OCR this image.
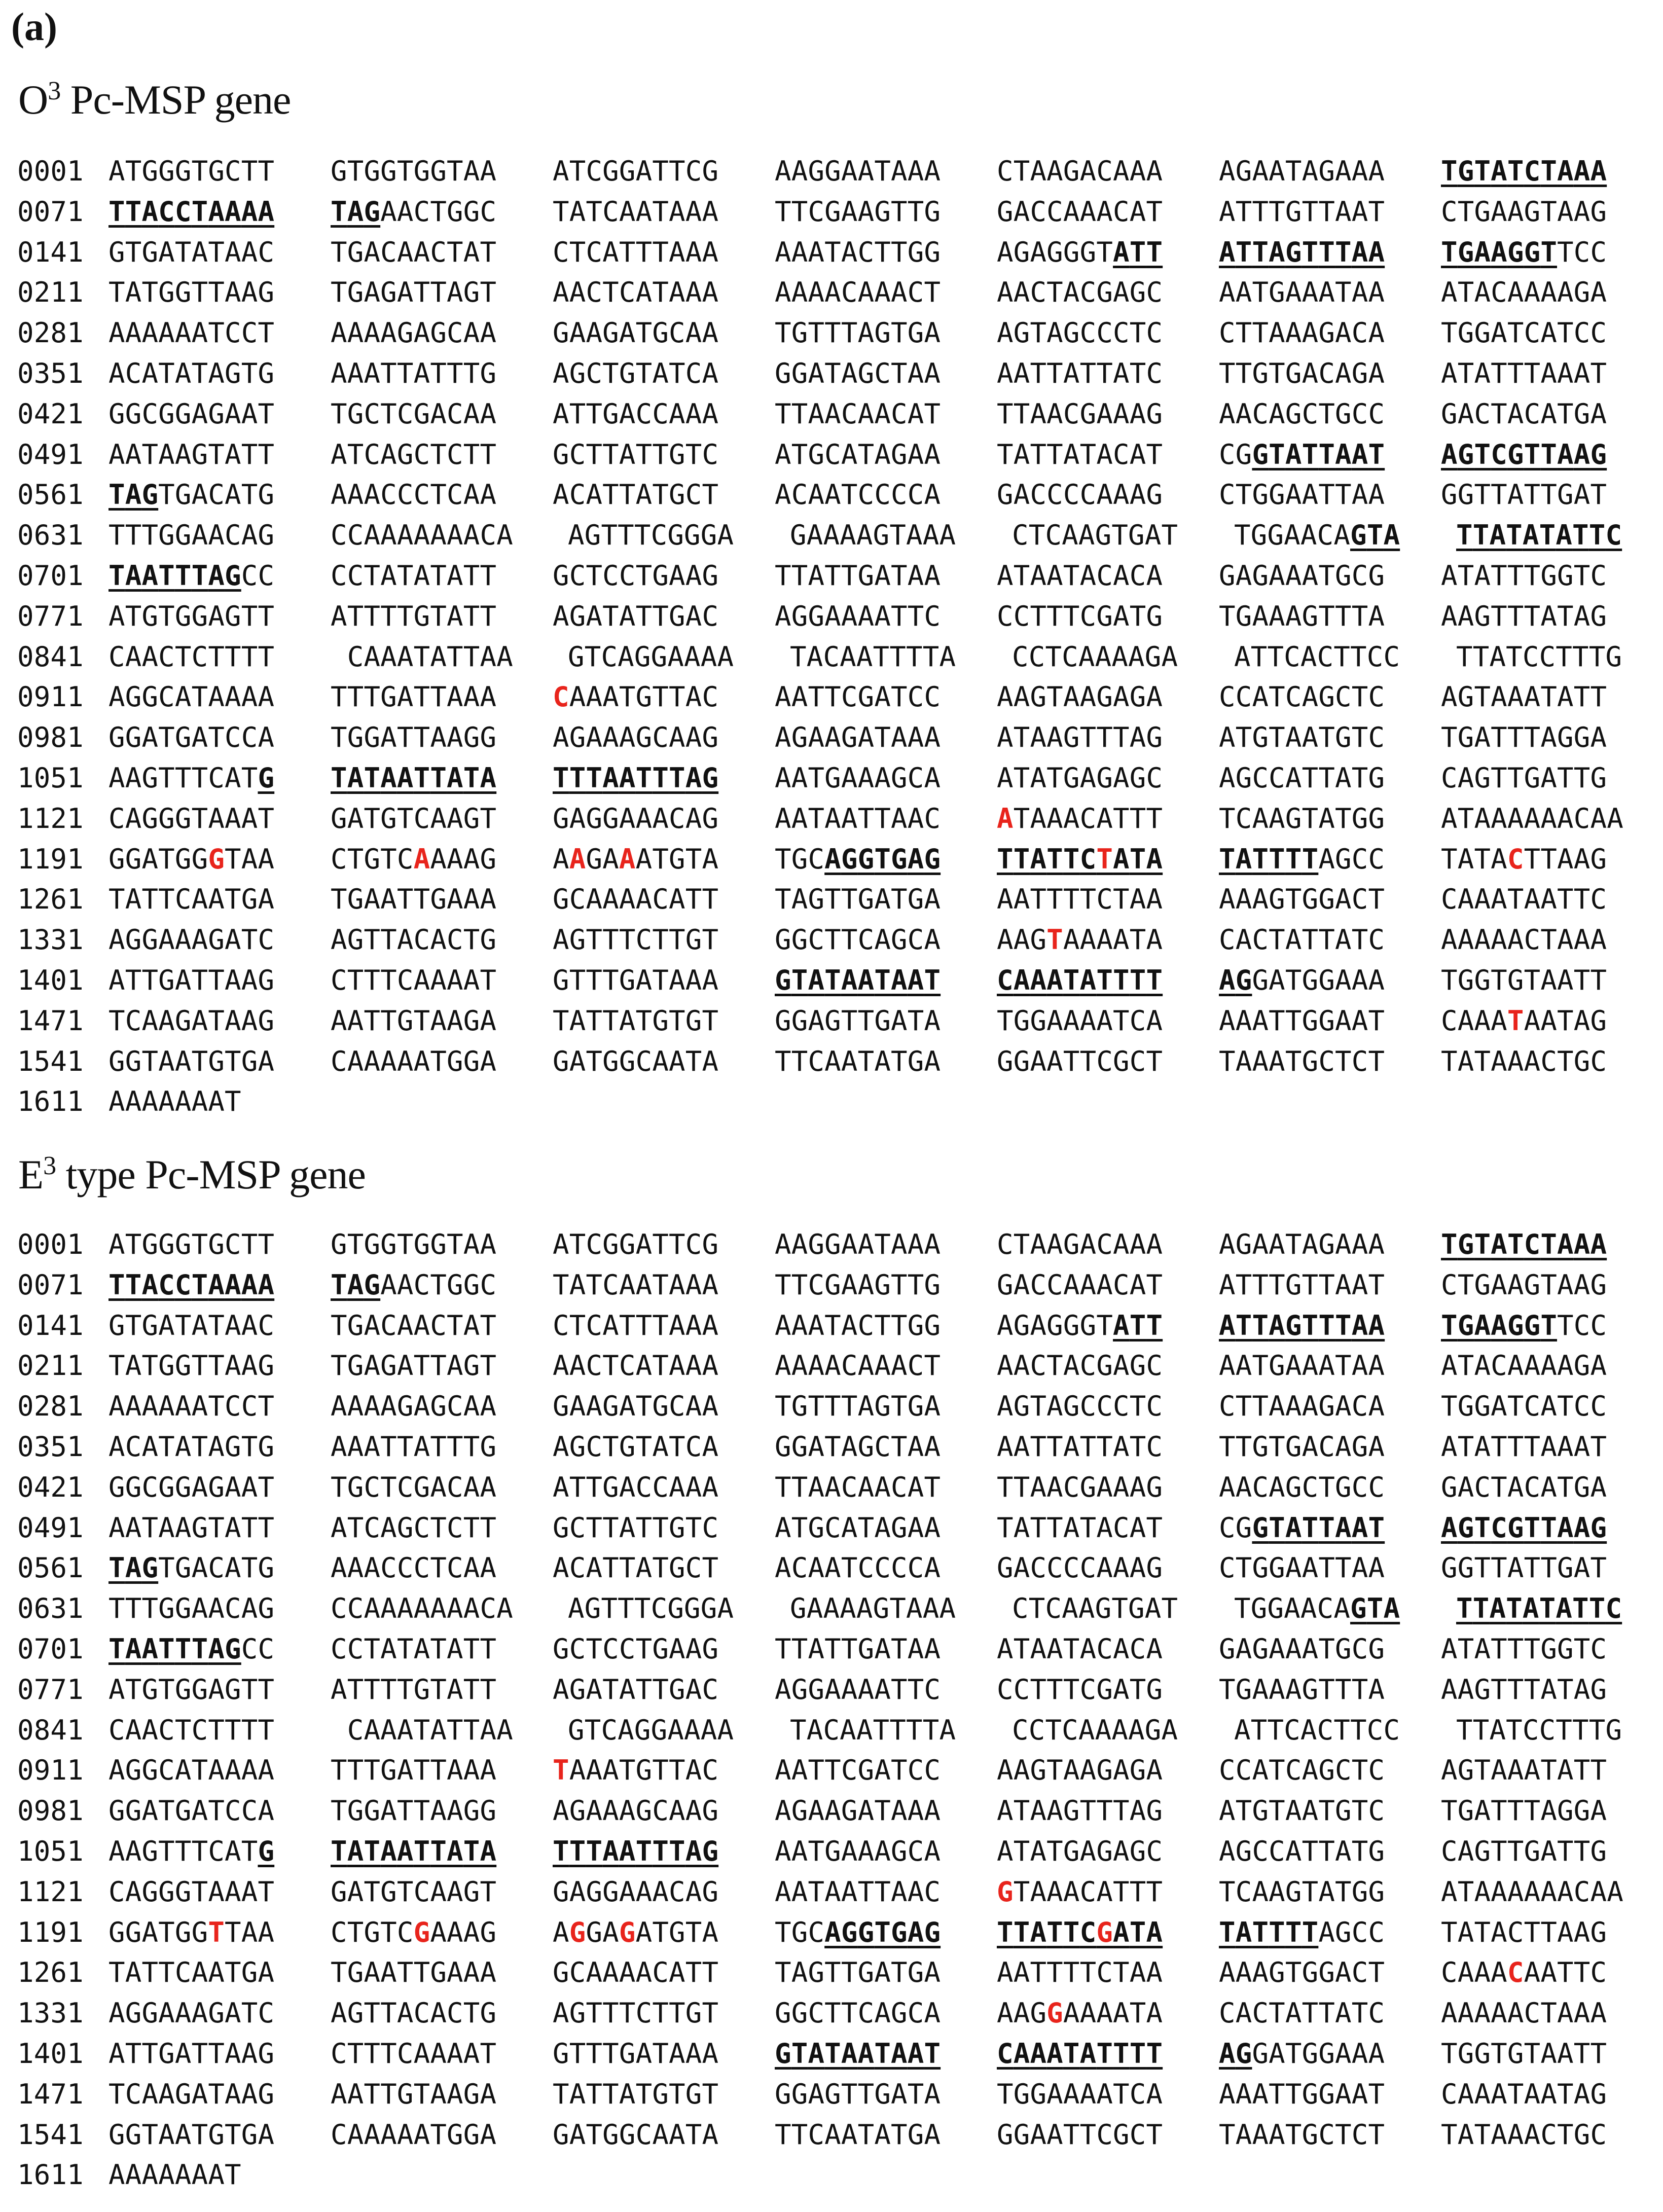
(a)
$O^3$ Pc-MSP gene
0001 ATGGGTGCTT GTGGTGGTAA ATCGGATTCG AAGGAATAAA CTAAGACAAA AGAATAGAAA TGTATCTAAA
0071 TTACCTAAAA TAGAACTGGC TATCAATAAA TTCGAAGTTG GACCAAACAT ATTTGTTAAT CTGAAGTAAG
0141 GTGATATAAC TGACAACTAT CTCATTTAAA AAATACTTGG AGAGGGTATT ATTAGTTTAA TGAAGGTTCC
0211 TATGGTTAAG TGAGATTAGT AACTCATAAA AAAACAAACT AACTACGAGC AATGAAATAA ATACAAAAGA
0281 AAAAAATCCT AAAAGAGCAA GAAGATGCAA TGTTTAGTGA AGTAGCCCTC CTTAAAGACA TGGATCATCC
0351 ACATATAGTG AAATTATTTG AGCTGTATCA GGATAGCTAA AATTATTATC TTGTGACAGA ATATTTAAAT
0421 GGCGGAGAAT TGCTCGACAA ATTGACCAAA TTAACAACAT TTAACGAAAG AACAGCTGCC GACTACATGA
0491 AATAAGTATT ATCAGCTCTT GCTTATTGTC ATGCATAGAA TATTATACAT CGGTATTAAT AGTCGTTAAG
0561 TAGTGACATG AAACCCTCAA ACATTATGCT ACAATCCCCA GACCCCAAAG CTGGAATTAA GGTTATTGAT
0631 TTTGGAACAG CCAAAAAAACA AGTTTCGGGA GAAAAGTAAA CTCAAGTGAT TGGAACAGTA TTATATATTC
0701 TAATTTAGCC CCTATATATT GCTCCTGAAG TTATTGATAA ATAATACACA GAGAAATGCG ATATTTGGTC
0771 ATGTGGAGTT ATTTTGTATT AGATATTGAC AGGAAAATTC CCTTTCGATG TGAAAGTTTA AAGTTTATAG
0841 CAACTCTTTT	CAAATATTAA GTCAGGAAAA TACAATTTTA CCTCAAAAGA ATTCACTTCC TTATCCTTTG
0911 AGGCATAAAA TTTGATTAAA CAAATGTTAC AATTCGATCC AAGTAAGAGA CCATCAGCTC AGTAAATATT
0981 GGATGATCCA TGGATTAAGG AGAAAGCAAG AGAAGATAAA ATAAGTTTAG ATGTAATGTC TGATTTAGGA
1051 AAGTTTCATG TATAATTATA TTTAATTTAG AATGAAAGCA ATATGAGAGC AGCCATTATG CAGTTGATTG
1121 CAGGGTAAAT GATGTCAAGT GAGGAAACAG AATAATTAAC ATAAACATTT TCAAGTATGG ATAAAAAACAA
1191 GGATGGGTAA CTGTCAAAAG AAGAAATGTA TGCAGGTGAG TTATTCTATA TATTTTAGCC TATACTTAAG
1261 TATTCAATGA TGAATTGAAA GCAAAACATT TAGTTGATGA AATTTTCTAA AAAGTGGACT CAAATAATTC
1331 AGGAAAGATC AGTTACACTG AGTTTCTTGT GGCTTCAGCA AAGTAAAATA CACTATTATC AAAAACTAAA
1401 ATTGATTAAG CTTTCAAAAT GTTTGATAAA GTATAATAAT CAAATATTTT AGGATGGAAA TGGTGTAATT
1471 TCAAGATAAG AATTGTAAGA TATTATGTGT GGAGTTGATA TGGAAAATCA AAATTGGAAT CAAATAATAG
1541 GGTAATGTGA CAAAAATGGA GATGGCAATA TTCAATATGA GGAATTCGCT TAAATGCTCT TATAAACTGC
1611 AAAAAAAT
$E^3$ type Pc-MSP gene
0001 ATGGGTGCTT GTGGTGGTAA ATCGGATTCG AAGGAATAAA CTAAGACAAA AGAATAGAAA TGTATCTAAA
0071 TTACCTAAAA TAGAACTGGC TATCAATAAA TTCGAAGTTG GACCAAACAT ATTTGTTAAT CTGAAGTAAG
0141 GTGATATAAC TGACAACTAT CTCATTTAAA AAATACTTGG AGAGGGTATT ATTAGTTTAA TGAAGGTTCC
0211 TATGGTTAAG TGAGATTAGT AACTCATAAA AAAACAAACT AACTACGAGC AATGAAATAA ATACAAAAGA
0281 AAAAAATCCT AAAAGAGCAA GAAGATGCAA TGTTTAGTGA AGTAGCCCTC CTTAAAGACA TGGATCATCC
0351 ACATATAGTG AAATTATTTG AGCTGTATCA GGATAGCTAA AATTATTATC TTGTGACAGA ATATTTAAAT
0421 GGCGGAGAAT TGCTCGACAA ATTGACCAAA TTAACAACAT TTAACGAAAG AACAGCTGCC GACTACATGA
0491 AATAAGTATT ATCAGCTCTT GCTTATTGTC ATGCATAGAA TATTATACAT CGGTATTAAT AGTCGTTAAG
0561 TAGTGACATG AAACCCTCAA ACATTATGCT ACAATCCCCA GACCCCAAAG CTGGAATTAA GGTTATTGAT
0631 TTTGGAACAG CCAAAAAAACA AGTTTCGGGA GAAAAGTAAA CTCAAGTGAT TGGAACAGTA TTATATATTC
0701 TAATTTAGCC CCTATATATT GCTCCTGAAG TTATTGATAA ATAATACACA GAGAAATGCG ATATTTGGTC
0771 ATGTGGAGTT ATTTTGTATT AGATATTGAC AGGAAAATTC CCTTTCGATG TGAAAGTTTA AAGTTTATAG
0841 CAACTCTTTT	CAAATATTAA GTCAGGAAAA TACAATTTTA CCTCAAAAGA ATTCACTTCC TTATCCTTTG
0911 AGGCATAAAA TTTGATTAAA TAAATGTTAC AATTCGATCC AAGTAAGAGA CCATCAGCTC AGTAAATATT
0981 GGATGATCCA TGGATTAAGG AGAAAGCAAG AGAAGATAAA ATAAGTTTAG ATGTAATGTC TGATTTAGGA
1051 AAGTTTCATG TATAATTATA TTTAATTTAG AATGAAAGCA ATATGAGAGC AGCCATTATG CAGTTGATTG
1121 CAGGGTAAAT GATGTCAAGT GAGGAAACAG AATAATTAAC GTAAACATTT TCAAGTATGG ATAAAAAACAA
1191 GGATGGTTAA CTGTCGAAAG AGGAGATGTA TGCAGGTGAG TTATTCGATA TATTTTAGCC TATACTTAAG
1261 TATTCAATGA TGAATTGAAA GCAAAACATT TAGTTGATGA AATTTTCTAA AAAGTGGACT CAAACAATTC
1331 AGGAAAGATC AGTTACACTG AGTTTCTTGT GGCTTCAGCA AAGGAAAATA CACTATTATC AAAAACTAAA
1401 ATTGATTAAG CTTTCAAAAT GTTTGATAAA GTATAATAAT CAAATATTTT AGGATGGAAA TGGTGTAATT
1471 TCAAGATAAG AATTGTAAGA TATTATGTGT GGAGTTGATA TGGAAAATCA AAATTGGAAT CAAATAATAG
1541 GGTAATGTGA CAAAAATGGA GATGGCAATA TTCAATATGA GGAATTCGCT TAAATGCTCT TATAAACTGC
1611 AAAAAAAT
